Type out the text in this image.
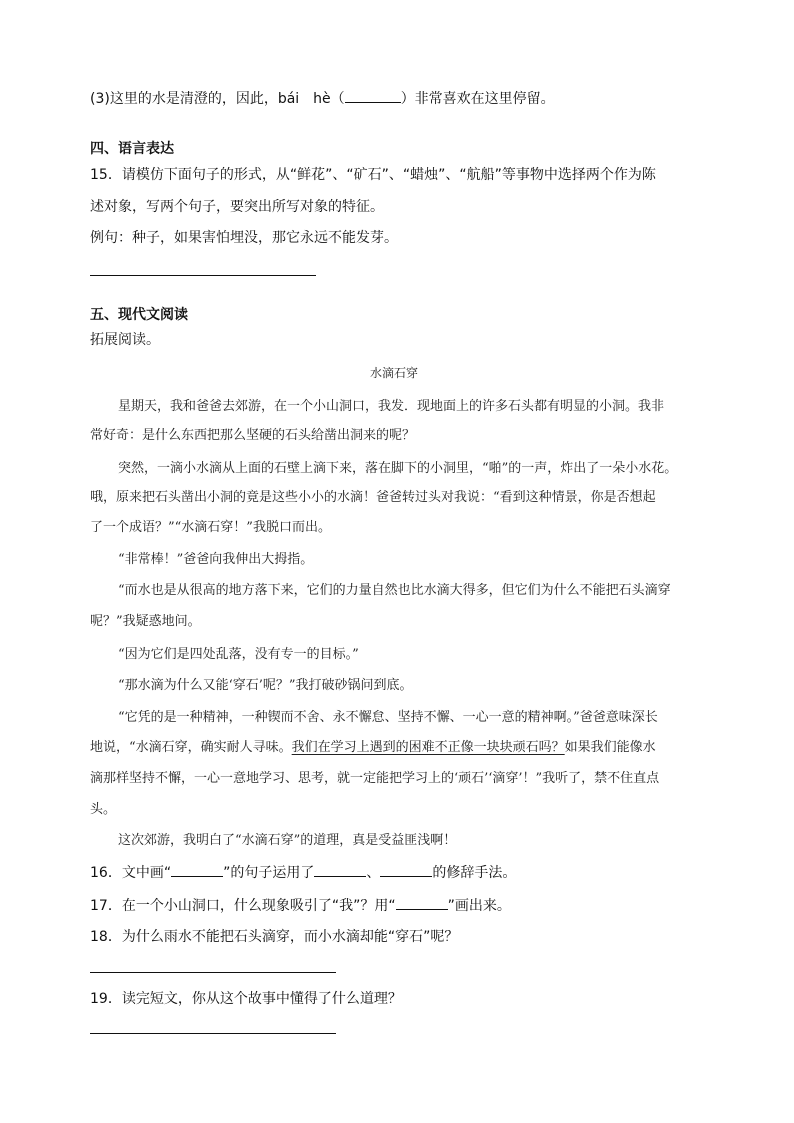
(3)这里的水是清澄的，因此，bái　hè（	）非常喜欢在这里停留。
四、语言表达
15．请模仿下面句子的形式，从“鲜花”、“矿石”、“蜡烛”、“航船”等事物中选择两个作为陈
述对象，写两个句子，要突出所写对象的特征。
例句：种子，如果害怕埋没，那它永远不能发芽。
五、现代文阅读
拓展阅读。
水滴石穿
星期天，我和爸爸去郊游，在一个小山洞口，我发．现地面上的许多石头都有明显的小洞。我非
常好奇：是什么东西把那么坚硬的石头给凿出洞来的呢？
突然，一滴小水滴从上面的石壁上滴下来，落在脚下的小洞里，“啪”的一声，炸出了一朵小水花。
哦，原来把石头凿出小洞的竟是这些小小的水滴！爸爸转过头对我说：“看到这种情景，你是否想起
了一个成语？”“水滴石穿！”我脱口而出。
“非常棒！”爸爸向我伸出大拇指。
“而水也是从很高的地方落下来，它们的力量自然也比水滴大得多，但它们为什么不能把石头滴穿
呢？”我疑惑地问。
“因为它们是四处乱落，没有专一的目标。”
“那水滴为什么又能‘穿石’呢？”我打破砂锅问到底。
“它凭的是一种精神，一种锲而不舍、永不懈怠、坚持不懈、一心一意的精神啊。”爸爸意味深长
地说，“水滴石穿，确实耐人寻味。我们在学习上遇到的困难不正像一块块顽石吗？如果我们能像水
滴那样坚持不懈，一心一意地学习、思考，就一定能把学习上的‘顽石’‘滴穿’！”我听了，禁不住直点
头。
这次郊游，我明白了“水滴石穿”的道理，真是受益匪浅啊！
16．文中画“	”的句子运用了	、	的修辞手法。
17．在一个小山洞口，什么现象吸引了“我”？用“	”画出来。
18．为什么雨水不能把石头滴穿，而小水滴却能“穿石”呢？
19．读完短文，你从这个故事中懂得了什么道理？
